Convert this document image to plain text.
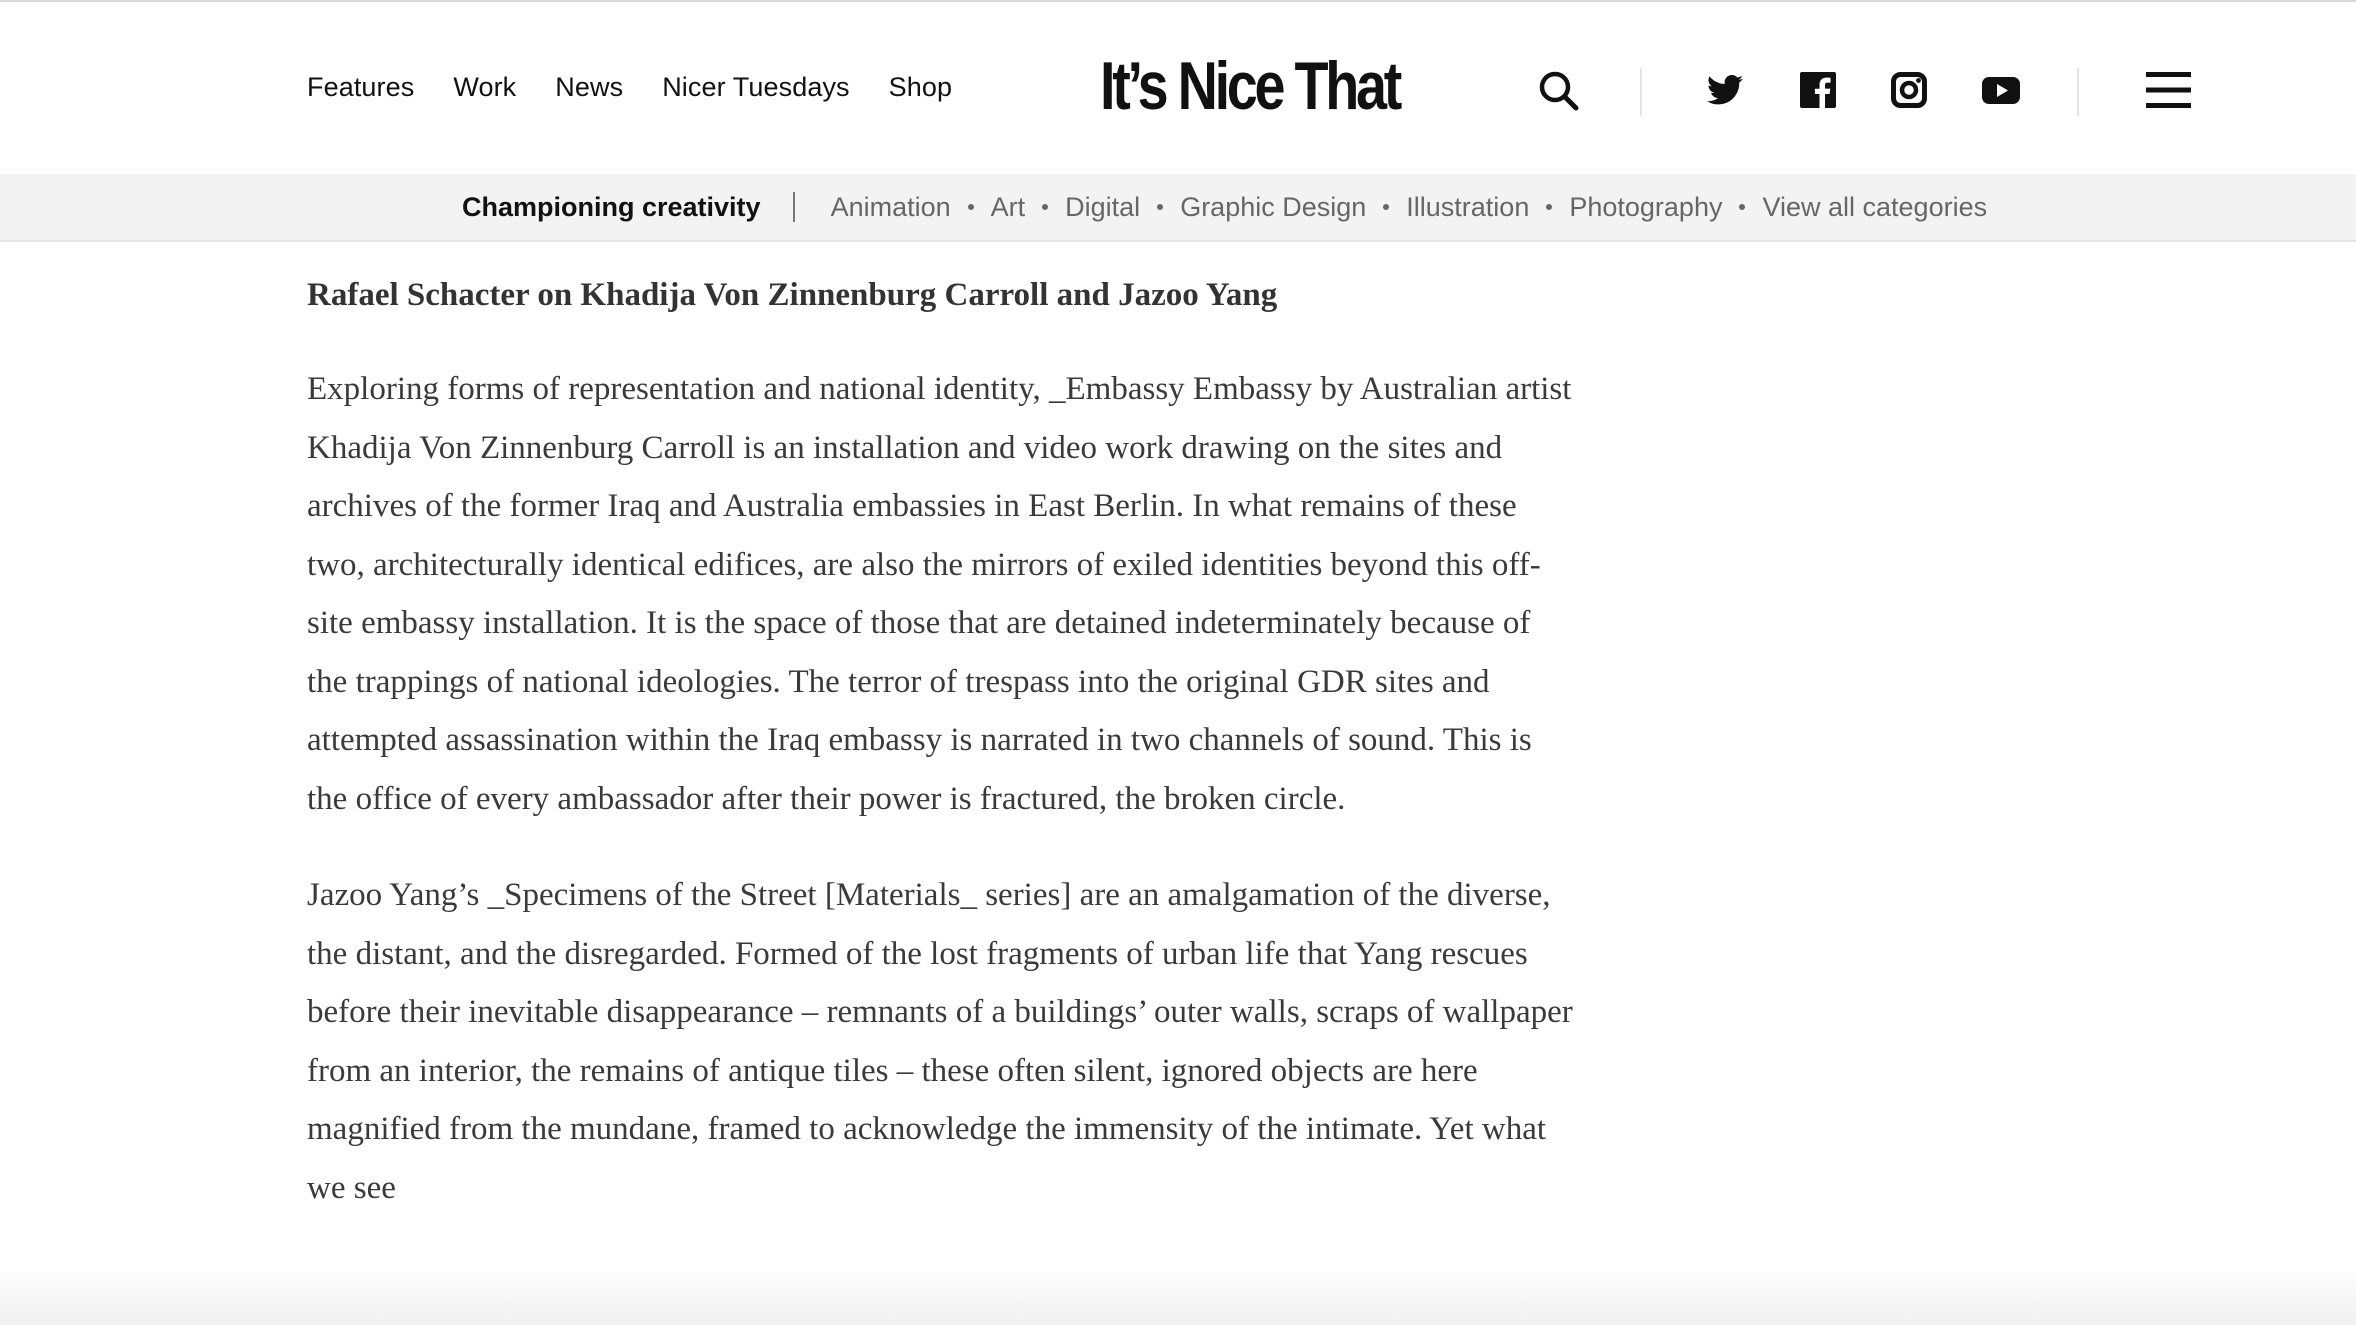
Features Work News Nicer Tuesdays Shop It’s Nice That
Championing creativity	Animation Art Digital Graphic Design Illustration Photography View all categories
Rafael Schacter on Khadija Von Zinnenburg Carroll and Jazoo Yang

Exploring forms of representation and national identity, _Embassy Embassy by Australian artist Khadija Von Zinnenburg Carroll is an installation and video work drawing on the sites and archives of the former Iraq and Australia embassies in East Berlin. In what remains of these two, architecturally identical edifices, are also the mirrors of exiled identities beyond this off-site embassy installation. It is the space of those that are detained indeterminately because of the trappings of national ideologies. The terror of trespass into the original GDR sites and attempted assassination within the Iraq embassy is narrated in two channels of sound. This is the office of every ambassador after their power is fractured, the broken circle.

Jazoo Yang’s _Specimens of the Street [Materials_ series] are an amalgamation of the diverse, the distant, and the disregarded. Formed of the lost fragments of urban life that Yang rescues before their inevitable disappearance – remnants of a buildings’ outer walls, scraps of wallpaper from an interior, the remains of antique tiles – these often silent, ignored objects are here magnified from the mundane, framed to acknowledge the immensity of the intimate. Yet what we see
